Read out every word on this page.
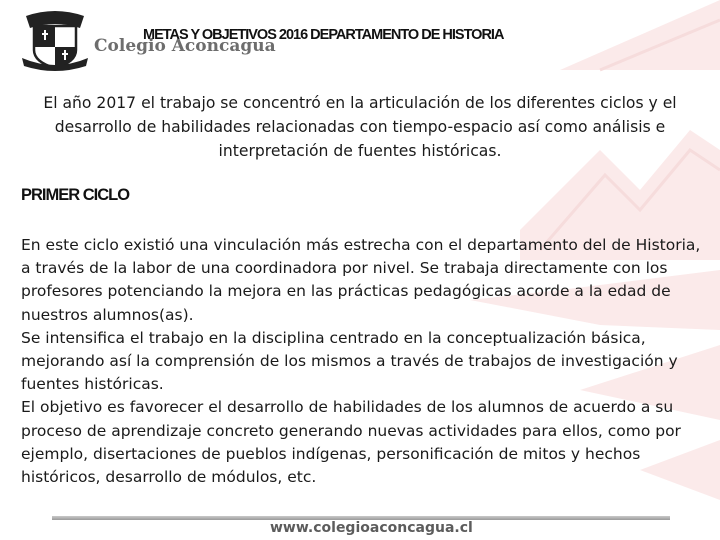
Colegio Aconcagua
METAS Y OBJETIVOS 2016 DEPARTAMENTO DE HISTORIA

El año 2017 el trabajo se concentró en la articulación de los diferentes ciclos y el desarrollo de habilidades relacionadas con tiempo-espacio así como análisis e interpretación de fuentes históricas.

PRIMER CICLO

En este ciclo existió una vinculación más estrecha con el departamento del de Historia, a través de la labor de una coordinadora por nivel. Se trabaja directamente con los profesores potenciando la mejora en las prácticas pedagógicas acorde a la edad de nuestros alumnos(as).

Se intensifica el trabajo en la disciplina centrado en la conceptualización básica, mejorando así la comprensión de los mismos a través de trabajos de investigación y fuentes históricas.

El objetivo es favorecer el desarrollo de habilidades de los alumnos de acuerdo a su proceso de aprendizaje concreto generando nuevas actividades para ellos, como por ejemplo, disertaciones de pueblos indígenas, personificación de mitos y hechos históricos, desarrollo de módulos, etc.

www.colegioaconcagua.cl
